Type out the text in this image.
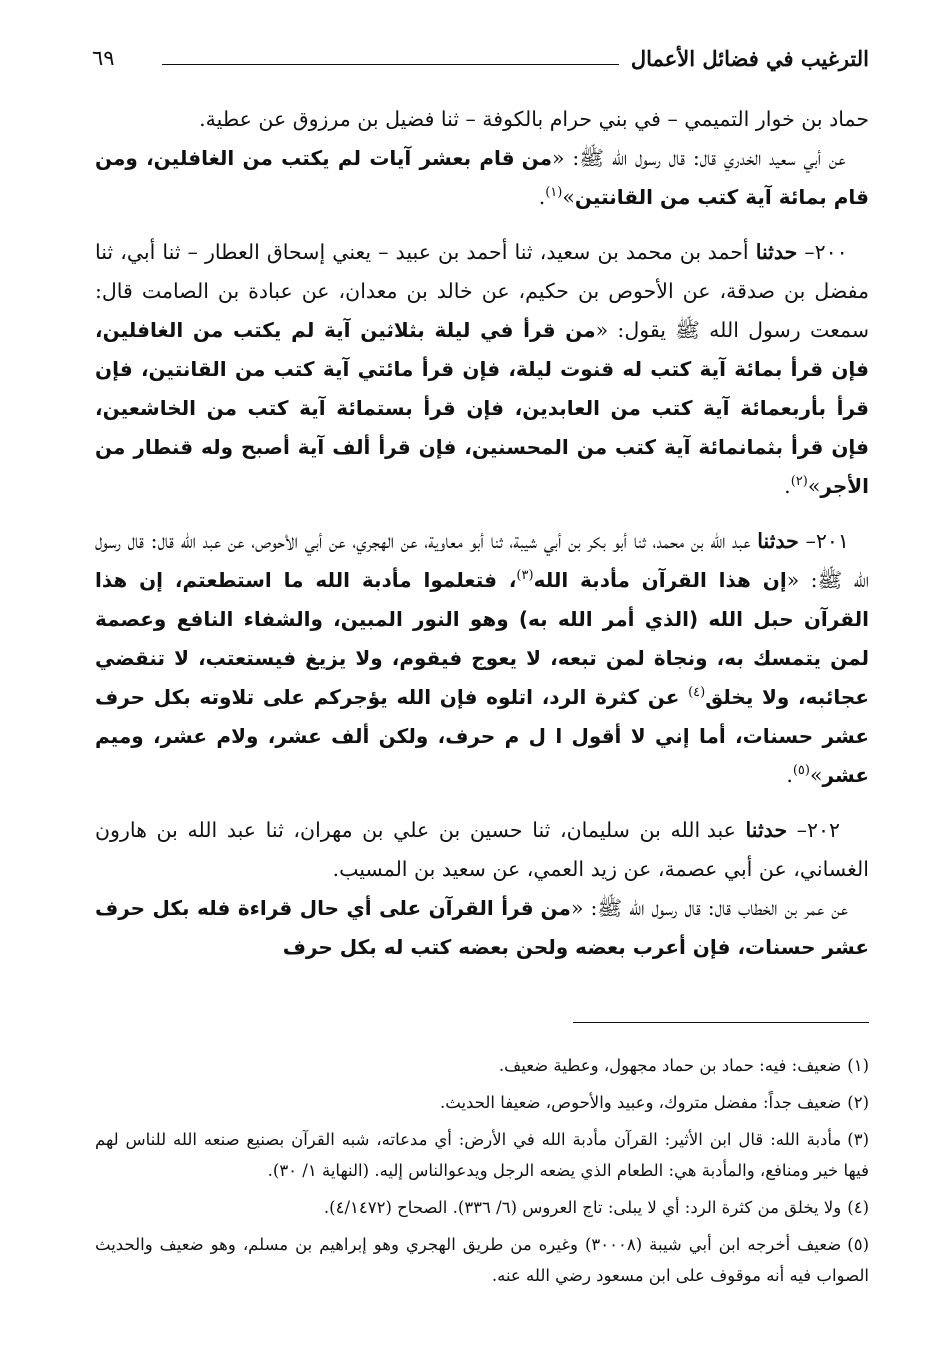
الترغيب في فضائل الأعمال
٦٩

حماد بن خوار التميمي – في بني حرام بالكوفة – ثنا فضيل بن مرزوق عن عطية.

عن أبي سعيد الخدري قال: قال رسول الله ﷺ: «من قام بعشر آيات لم يكتب من الغافلين، ومن قام بمائة آية كتب من القانتين»$^{(١)}$.

٢٠٠– حدثنا أحمد بن محمد بن سعيد، ثنا أحمد بن عبيد – يعني إسحاق العطار – ثنا أبي، ثنا مفضل بن صدقة، عن الأحوص بن حكيم، عن خالد بن معدان، عن عبادة بن الصامت قال: سمعت رسول الله ﷺ يقول: «من قرأ في ليلة بثلاثين آية لم يكتب من الغافلين، فإن قرأ بمائة آية كتب له قنوت ليلة، فإن قرأ مائتي آية كتب من القانتين، فإن قرأ بأربعمائة آية كتب من العابدين، فإن قرأ بستمائة آية كتب من الخاشعين، فإن قرأ بثمانمائة آية كتب من المحسنين، فإن قرأ ألف آية أصبح وله قنطار من الأجر»$^{(٢)}$.

٢٠١– حدثنا عبد الله بن محمد، ثنا أبو بكر بن أبي شيبة، ثنا أبو معاوية، عن الهجري، عن أبي الأحوص، عن عبد الله قال: قال رسول الله ﷺ: «إن هذا القرآن مأدبة الله$^{(٣)}$، فتعلموا مأدبة الله ما استطعتم، إن هذا القرآن حبل الله (الذي أمر الله به) وهو النور المبين، والشفاء النافع وعصمة لمن يتمسك به، ونجاة لمن تبعه، لا يعوج فيقوم، ولا يزيغ فيستعتب، لا تنقضي عجائبه، ولا يخلق$^{(٤)}$ عن كثرة الرد، اتلوه فإن الله يؤجركم على تلاوته بكل حرف عشر حسنات، أما إني لا أقول ا ل م حرف، ولكن ألف عشر، ولام عشر، وميم عشر»$^{(٥)}$.

٢٠٢– حدثنا عبد الله بن سليمان، ثنا حسين بن علي بن مهران، ثنا عبد الله بن هارون الغساني، عن أبي عصمة، عن زيد العمي، عن سعيد بن المسيب.

عن عمر بن الخطاب قال: قال رسول الله ﷺ: «من قرأ القرآن على أي حال قراءة فله بكل حرف عشر حسنات، فإن أعرب بعضه ولحن بعضه كتب له بكل حرف

(١)ضعيف: فيه: حماد بن حماد مجهول، وعطية ضعيف.

(٢)ضعيف جداً: مفضل متروك، وعبيد والأحوص، ضعيفا الحديث.

(٣)مأدبة الله: قال ابن الأثير: القرآن مأدبة الله في الأرض: أي مدعاته، شبه القرآن بصنيع صنعه الله للناس لهم فيها خير ومنافع، والمأدبة هي: الطعام الذي يضعه الرجل ويدعوالناس إليه. (النهاية ١/ ٣٠).

(٤)ولا يخلق من كثرة الرد: أي لا يبلى: تاج العروس (٦/ ٣٣٦). الصحاح (٤/١٤٧٢).

(٥)ضعيف أخرجه ابن أبي شيبة (٣٠٠٠٨) وغيره من طريق الهجري وهو إبراهيم بن مسلم، وهو ضعيف والحديث الصواب فيه أنه موقوف على ابن مسعود رضي الله عنه.
